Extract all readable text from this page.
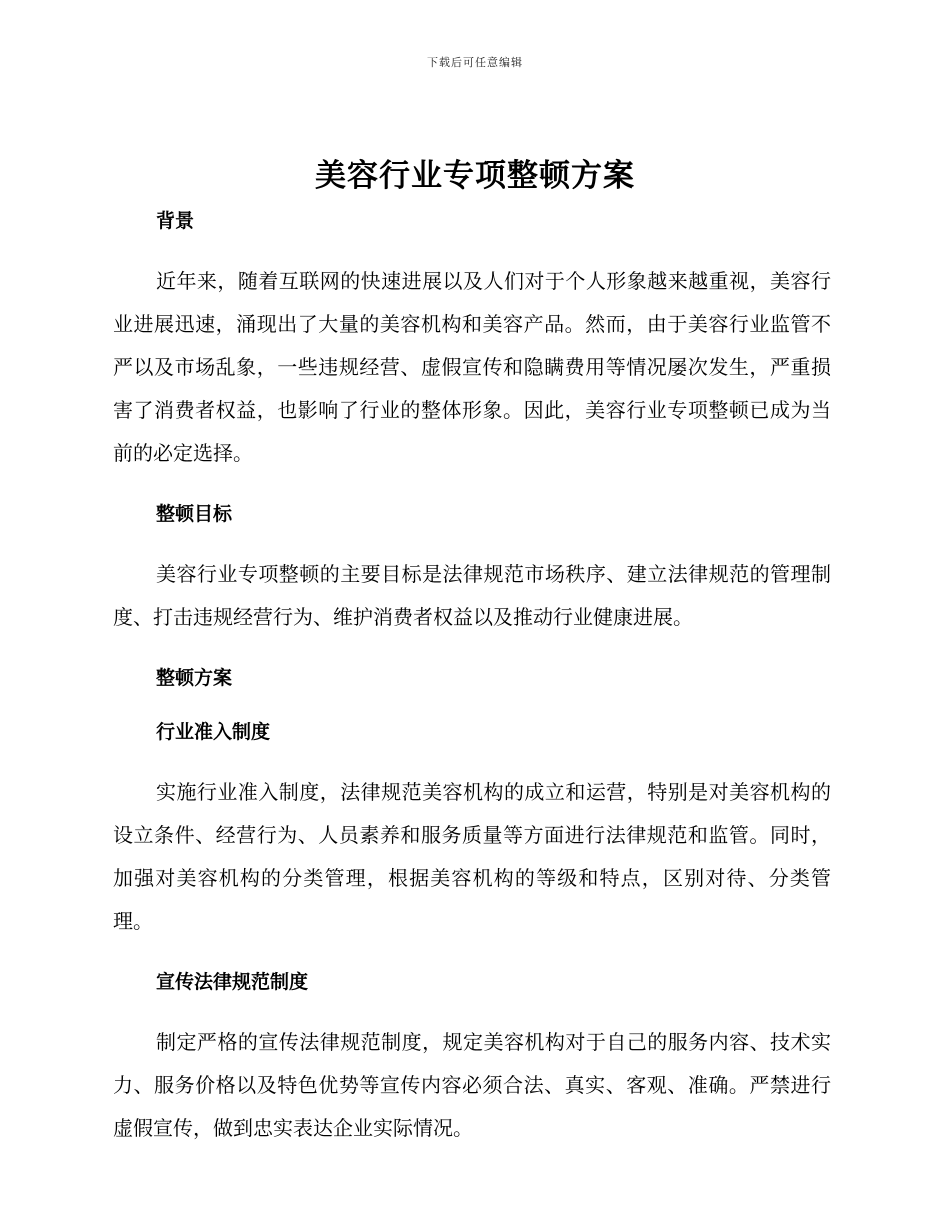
下载后可任意编辑
美容行业专项整顿方案
背景

近年来，随着互联网的快速进展以及人们对于个人形象越来越重视，美容行业进展迅速，涌现出了大量的美容机构和美容产品。然而，由于美容行业监管不严以及市场乱象，一些违规经营、虚假宣传和隐瞒费用等情况屡次发生，严重损害了消费者权益，也影响了行业的整体形象。因此，美容行业专项整顿已成为当前的必定选择。

整顿目标

美容行业专项整顿的主要目标是法律规范市场秩序、建立法律规范的管理制度、打击违规经营行为、维护消费者权益以及推动行业健康进展。

整顿方案
行业准入制度

实施行业准入制度，法律规范美容机构的成立和运营，特别是对美容机构的设立条件、经营行为、人员素养和服务质量等方面进行法律规范和监管。同时，加强对美容机构的分类管理，根据美容机构的等级和特点，区别对待、分类管理。

宣传法律规范制度

制定严格的宣传法律规范制度，规定美容机构对于自己的服务内容、技术实力、服务价格以及特色优势等宣传内容必须合法、真实、客观、准确。严禁进行虚假宣传，做到忠实表达企业实际情况。
